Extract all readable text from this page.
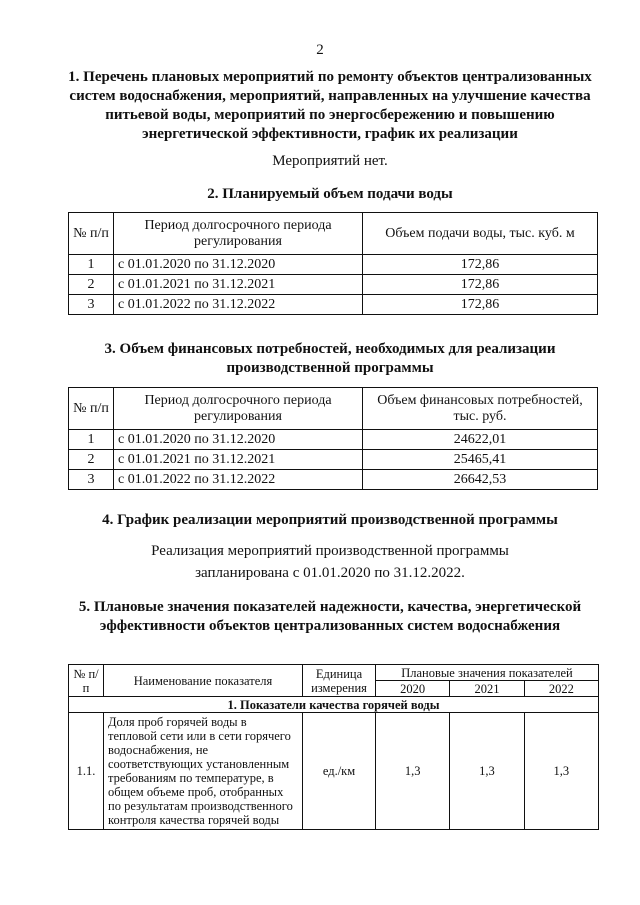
2
1. Перечень плановых мероприятий по ремонту объектов централизованных систем водоснабжения, мероприятий, направленных на улучшение качества питьевой воды, мероприятий по энергосбережению и повышению энергетической эффективности, график их реализации
Мероприятий нет.
2. Планируемый объем подачи воды
№ п/п	Период долгосрочного периода регулирования	Объем подачи воды, тыс. куб. м
1	с 01.01.2020 по 31.12.2020	172,86
2	с 01.01.2021 по 31.12.2021	172,86
3	с 01.01.2022 по 31.12.2022	172,86
3. Объем финансовых потребностей, необходимых для реализации производственной программы
№ п/п	Период долгосрочного периода регулирования	Объем финансовых потребностей, тыс. руб.
1	с 01.01.2020 по 31.12.2020	24622,01
2	с 01.01.2021 по 31.12.2021	25465,41
3	с 01.01.2022 по 31.12.2022	26642,53
4. График реализации мероприятий производственной программы
Реализация мероприятий производственной программы запланирована с 01.01.2020 по 31.12.2022.
5. Плановые значения показателей надежности, качества, энергетической эффективности объектов централизованных систем водоснабжения
№ п/п	Наименование показателя	Единица измерения	Плановые значения показателей		
			2020	2021	2022
1. Показатели качества горячей воды					
1.1.	Доля проб горячей воды в тепловой сети или в сети горячего водоснабжения, не соответствующих установленным требованиям по температуре, в общем объеме проб, отобранных по результатам производственного контроля качества горячей воды	ед./км	1,3	1,3	1,3
